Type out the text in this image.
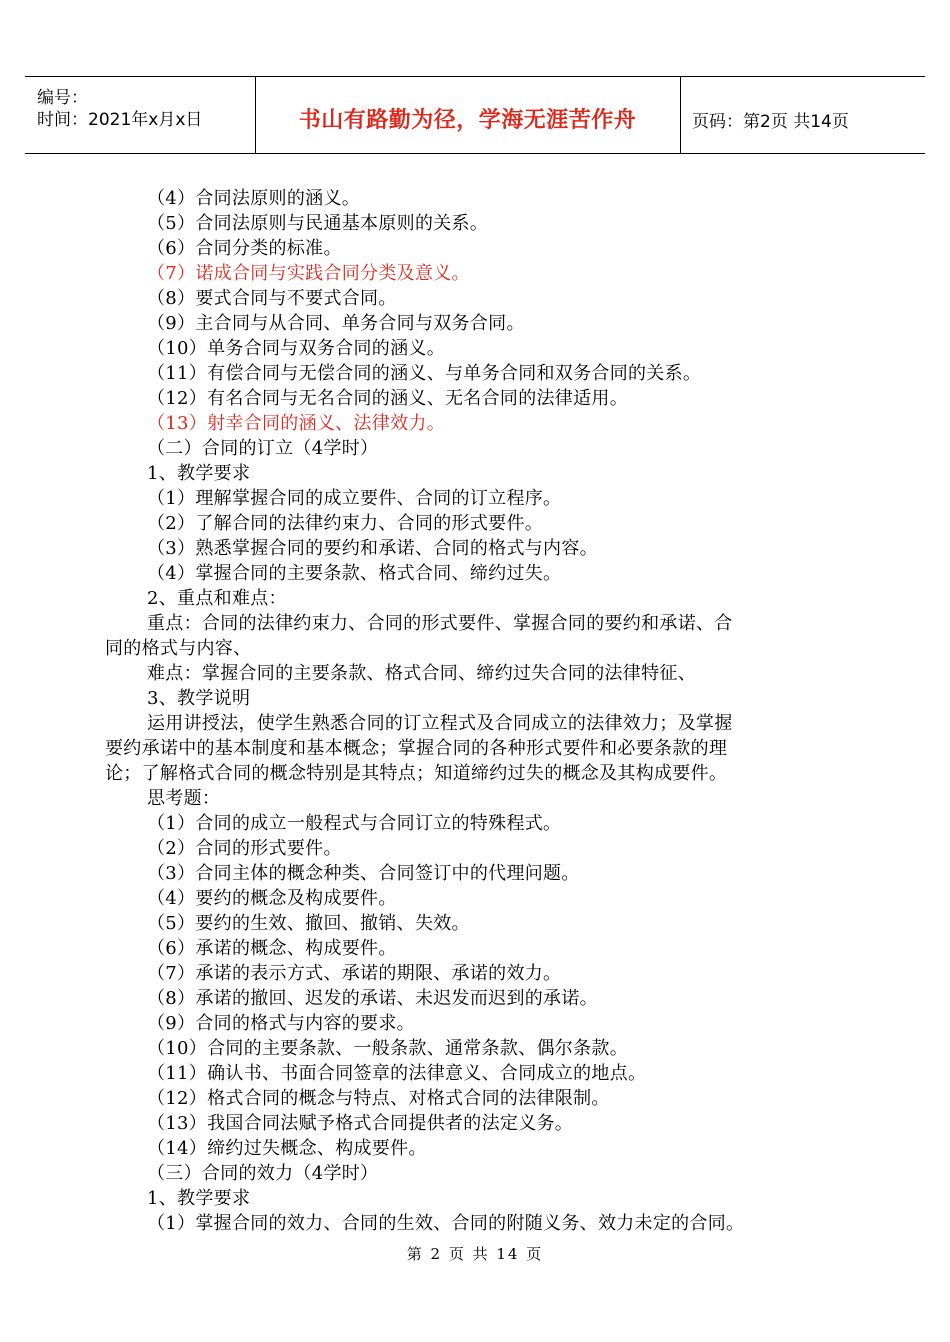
编号：
时间：2021年x月x日	书山有路勤为径，学海无涯苦作舟	页码：第2页 共14页
（4）合同法原则的涵义。
（5）合同法原则与民通基本原则的关系。
（6）合同分类的标准。
（7）诺成合同与实践合同分类及意义。
（8）要式合同与不要式合同。
（9）主合同与从合同、单务合同与双务合同。
（10）单务合同与双务合同的涵义。
（11）有偿合同与无偿合同的涵义、与单务合同和双务合同的关系。
（12）有名合同与无名合同的涵义、无名合同的法律适用。
（13）射幸合同的涵义、法律效力。
（二）合同的订立（4学时）
1、教学要求
（1）理解掌握合同的成立要件、合同的订立程序。
（2）了解合同的法律约束力、合同的形式要件。
（3）熟悉掌握合同的要约和承诺、合同的格式与内容。
（4）掌握合同的主要条款、格式合同、缔约过失。
2、重点和难点：
重点：合同的法律约束力、合同的形式要件、掌握合同的要约和承诺、合
同的格式与内容、
难点：掌握合同的主要条款、格式合同、缔约过失合同的法律特征、
3、教学说明
运用讲授法，使学生熟悉合同的订立程式及合同成立的法律效力；及掌握
要约承诺中的基本制度和基本概念；掌握合同的各种形式要件和必要条款的理
论；了解格式合同的概念特别是其特点；知道缔约过失的概念及其构成要件。
思考题：
（1）合同的成立一般程式与合同订立的特殊程式。
（2）合同的形式要件。
（3）合同主体的概念种类、合同签订中的代理问题。
（4）要约的概念及构成要件。
（5）要约的生效、撤回、撤销、失效。
（6）承诺的概念、构成要件。
（7）承诺的表示方式、承诺的期限、承诺的效力。
（8）承诺的撤回、迟发的承诺、未迟发而迟到的承诺。
（9）合同的格式与内容的要求。
（10）合同的主要条款、一般条款、通常条款、偶尔条款。
（11）确认书、书面合同签章的法律意义、合同成立的地点。
（12）格式合同的概念与特点、对格式合同的法律限制。
（13）我国合同法赋予格式合同提供者的法定义务。
（14）缔约过失概念、构成要件。
（三）合同的效力（4学时）
1、教学要求
（1）掌握合同的效力、合同的生效、合同的附随义务、效力未定的合同。
第 2 页 共 14 页
